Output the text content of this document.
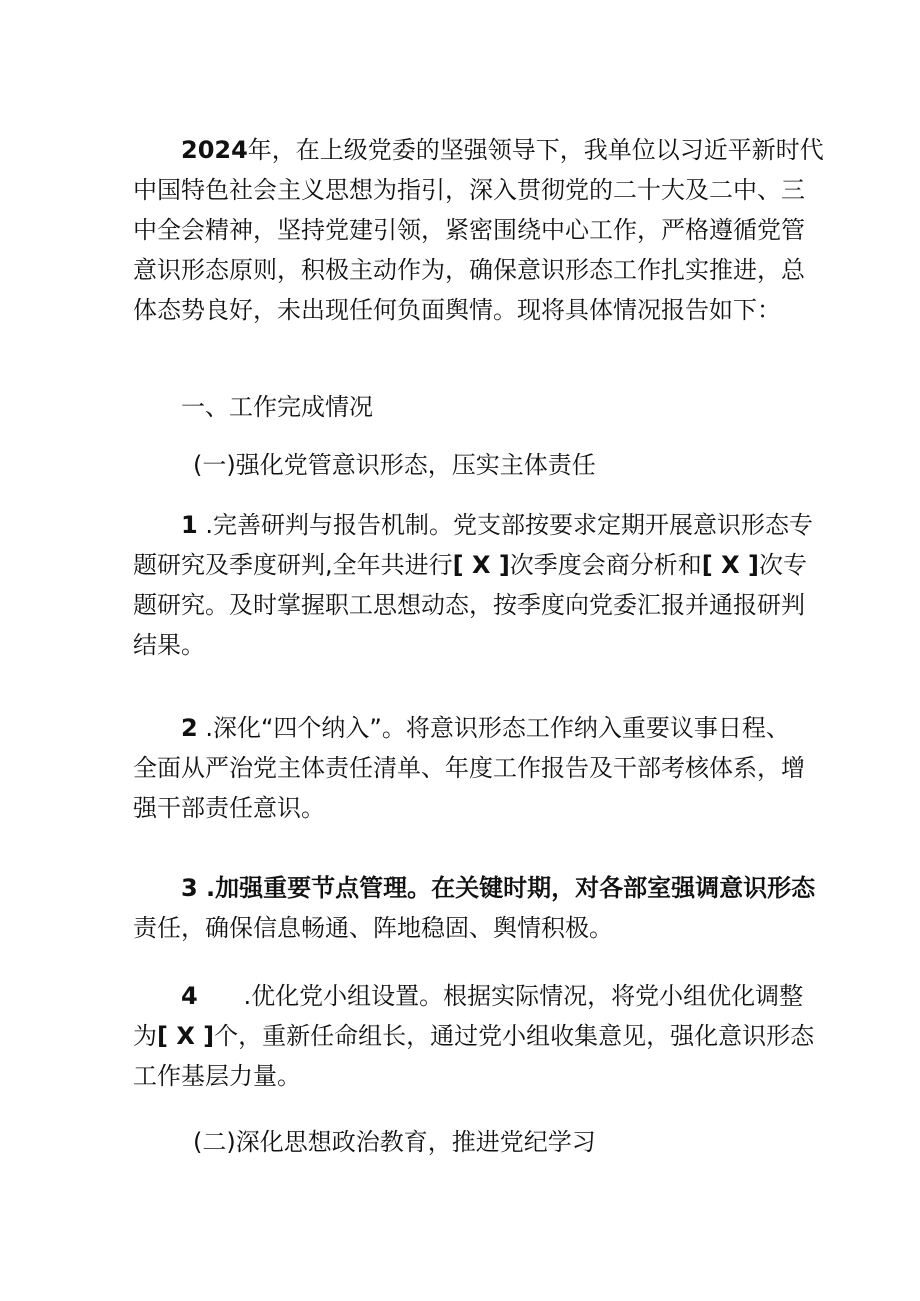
2024年，在上级党委的坚强领导下，我单位以习近平新时代
中国特色社会主义思想为指引，深入贯彻党的二十大及二中、三
中全会精神，坚持党建引领，紧密围绕中心工作，严格遵循党管
意识形态原则，积极主动作为，确保意识形态工作扎实推进，总
体态势良好，未出现任何负面舆情。现将具体情况报告如下：
一、工作完成情况
(一)强化党管意识形态，压实主体责任
1 .完善研判与报告机制。党支部按要求定期开展意识形态专
题研究及季度研判,全年共进行[ X ]次季度会商分析和[ X ]次专
题研究。及时掌握职工思想动态，按季度向党委汇报并通报研判
结果。
2 .深化“四个纳入”。将意识形态工作纳入重要议事日程、
全面从严治党主体责任清单、年度工作报告及干部考核体系，增
强干部责任意识。
3 .加强重要节点管理。在关键时期，对各部室强调意识形态
责任，确保信息畅通、阵地稳固、舆情积极。
4      .优化党小组设置。根据实际情况，将党小组优化调整
为[ X ]个，重新任命组长，通过党小组收集意见，强化意识形态
工作基层力量。
(二)深化思想政治教育，推进党纪学习
